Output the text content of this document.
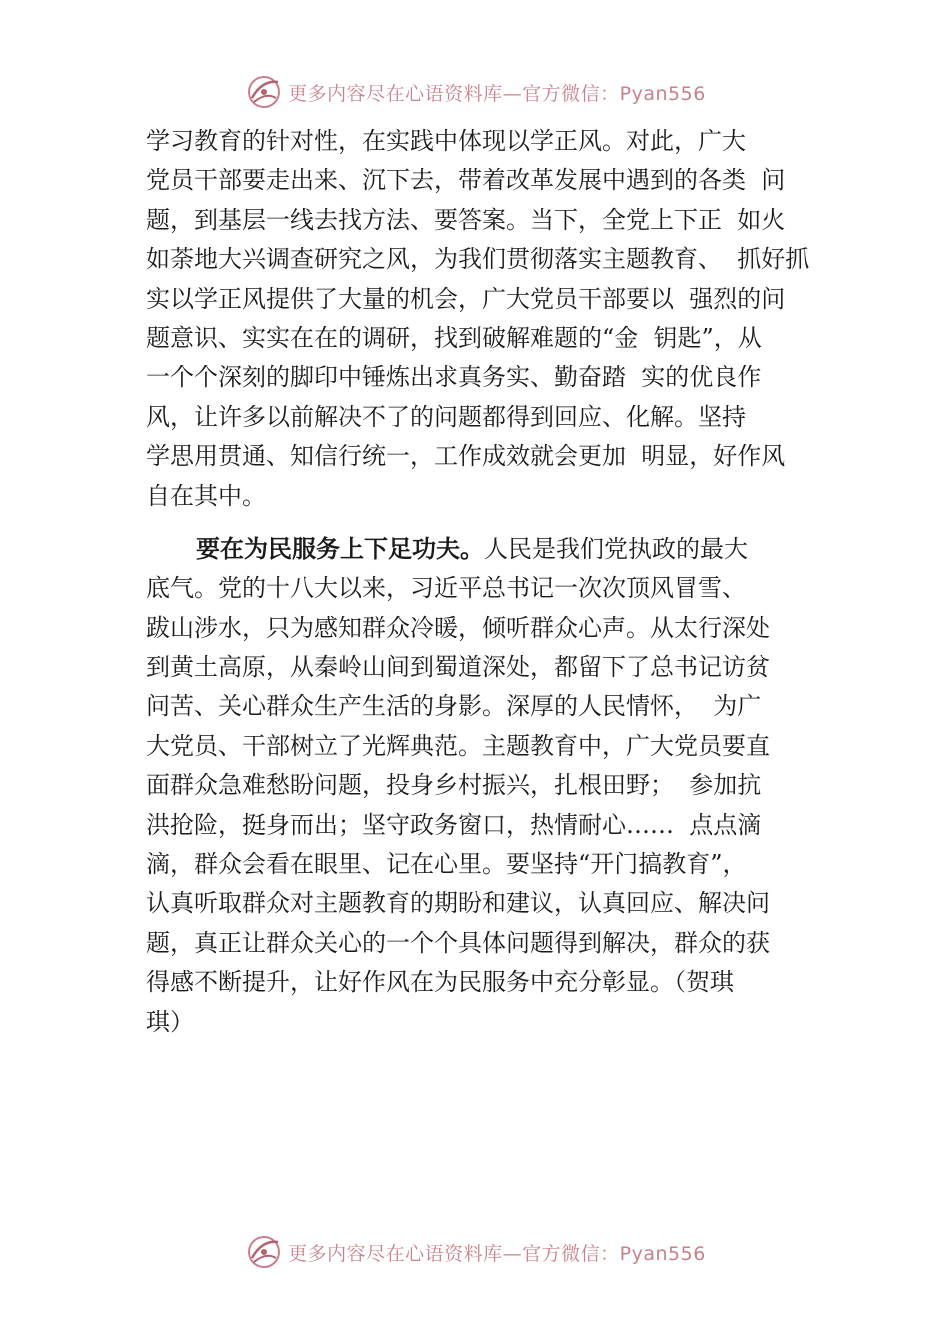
更多内容尽在心语资料库—官方微信：Pyan556
学习教育的针对性，在实践中体现以学正风。对此，广大
党员干部要走出来、沉下去，带着改革发展中遇到的各类  问
题，到基层一线去找方法、要答案。当下，全党上下正  如火
如荼地大兴调查研究之风，为我们贯彻落实主题教育、  抓好抓
实以学正风提供了大量的机会，广大党员干部要以  强烈的问
题意识、实实在在的调研，找到破解难题的“金  钥匙”，从
一个个深刻的脚印中锤炼出求真务实、勤奋踏  实的优良作
风，让许多以前解决不了的问题都得到回应、化解。坚持
学思用贯通、知信行统一，工作成效就会更加  明显，好作风
自在其中。
要在为民服务上下足功夫。人民是我们党执政的最大
底气。党的十八大以来，习近平总书记一次次顶风冒雪、
跋山涉水，只为感知群众冷暖，倾听群众心声。从太行深处
到黄土高原，从秦岭山间到蜀道深处，都留下了总书记访贫
问苦、关心群众生产生活的身影。深厚的人民情怀，  为广
大党员、干部树立了光辉典范。主题教育中，广大党员要直
面群众急难愁盼问题，投身乡村振兴，扎根田野；  参加抗
洪抢险，挺身而出；坚守政务窗口，热情耐心……  点点滴
滴，群众会看在眼里、记在心里。要坚持“开门搞教育”，
认真听取群众对主题教育的期盼和建议，认真回应、解决问
题，真正让群众关心的一个个具体问题得到解决，群众的获
得感不断提升，让好作风在为民服务中充分彰显。（贺琪
琪）
更多内容尽在心语资料库—官方微信：Pyan556
